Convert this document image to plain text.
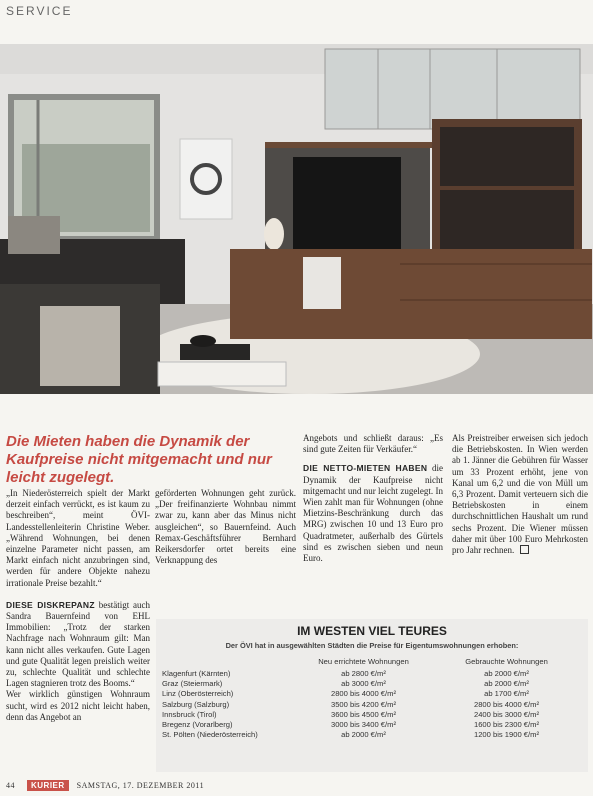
SERVICE
Die Mieten haben die Dynamik der Kaufpreise nicht mitgemacht und nur leicht zugelegt.

„In Niederösterreich spielt der Markt derzeit einfach verrückt, es ist kaum zu beschreiben“, meint ÖVI-Landesstellenleiterin Christine Weber. „Während Wohnungen, bei denen einzelne Parameter nicht passen, am Markt einfach nicht anzubringen sind, werden für andere Objekte nahezu irrationale Preise bezahlt.“

DIESE DISKREPANZ bestätigt auch Sandra Bauernfeind von EHL Immobilien: „Trotz der starken Nachfrage nach Wohnraum gilt: Man kann nicht alles verkaufen. Gute Lagen und gute Qualität legen preislich weiter zu, schlechte Qualität und schlechte Lagen stagnieren trotz des Booms.“

Wer wirklich günstigen Wohnraum sucht, wird es 2012 nicht leicht haben, denn das Angebot an

geförderten Wohnungen geht zurück. „Der freifinanzierte Wohnbau nimmt zwar zu, kann aber das Minus nicht ausgleichen“, so Bauernfeind. Auch Remax-Geschäftsführer Bernhard Reikersdorfer ortet bereits eine Verknappung des

Angebots und schließt daraus: „Es sind gute Zeiten für Verkäufer.“

DIE NETTO-MIETEN HABEN die Dynamik der Kaufpreise nicht mitgemacht und nur leicht zugelegt. In Wien zahlt man für Wohnungen (ohne Mietzins-Beschränkung durch das MRG) zwischen 10 und 13 Euro pro Quadratmeter, außerhalb des Gürtels sind es zwischen sieben und neun Euro.

Als Preistreiber erweisen sich jedoch die Betriebskosten. In Wien werden ab 1. Jänner die Gebühren für Wasser um 33 Prozent erhöht, jene von Kanal um 6,2 und die von Müll um 6,3 Prozent. Damit verteuern sich die Betriebskosten in einem durchschnittlichen Haushalt um rund sechs Prozent. Die Wiener müssen daher mit über 100 Euro Mehrkosten pro Jahr rechnen.

IM WESTEN VIEL TEURES
Der ÖVI hat in ausgewählten Städten die Preise für Eigentumswohnungen erhoben:
	Neu errichtete Wohnungen	Gebrauchte Wohnungen
Klagenfurt (Kärnten)	ab 2800 €/m²	ab 2000 €/m²
Graz (Steiermark)	ab 3000 €/m²	ab 2000 €/m²
Linz (Oberösterreich)	2800 bis 4000 €/m²	ab 1700 €/m²
Salzburg (Salzburg)	3500 bis 4200 €/m²	2800 bis 4000 €/m²
Innsbruck (Tirol)	3600 bis 4500 €/m²	2400 bis 3000 €/m²
Bregenz (Vorarlberg)	3000 bis 3400 €/m²	1600 bis 2300 €/m²
St. Pölten (Niederösterreich)	ab 2000 €/m²	1200 bis 1900 €/m²
44 KURIER SAMSTAG, 17. DEZEMBER 2011
